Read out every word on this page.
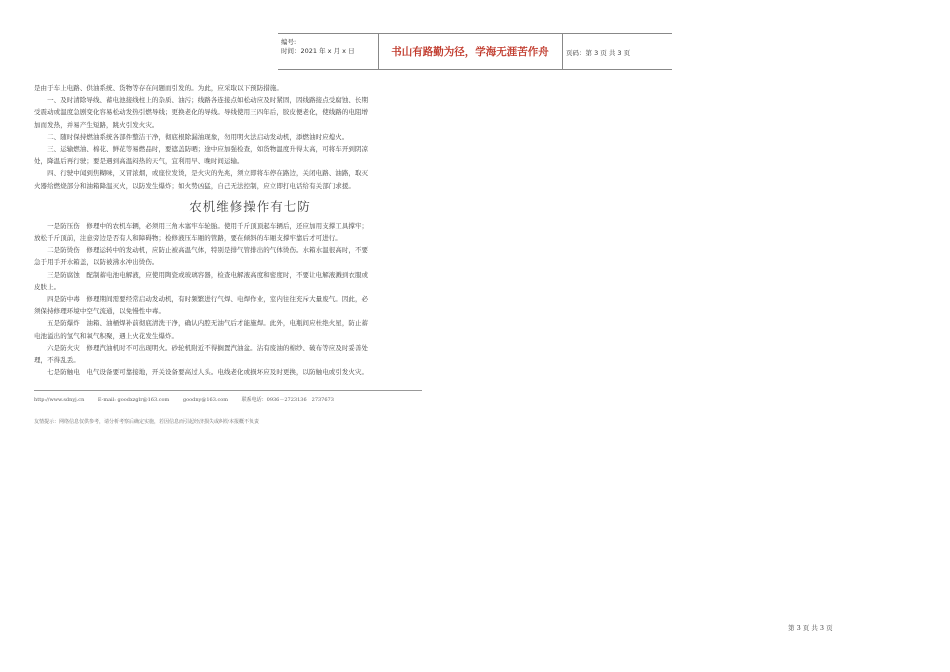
编号:
时间：2021 年 x 月 x 日	书山有路勤为径，学海无涯苦作舟	页码：第 3 页 共 3 页
是由于车上电路、供油系统、货物等存在问题而引发的。为此，应采取以下预防措施。
　　一、及时清除导线、蓄电池接线柱上的杂质、油污；线路各连接点如松动应及时紧固，因线路接点受腐蚀、长期
受震动或温度急剧变化容易松动发热引燃导线；更换老化的导线。导线使用三四年后，胶皮便老化，使线路的电阻增
加而发热，并易产生短路，跳火引发火灾。
　　二、随时保持燃油系统各部件整洁干净，彻底根除漏油现象，勿用明火法启动发动机，添燃油时应熄火。
　　三、运输燃油、棉花、鲜花等易燃品时，要遮盖防晒；途中应加强检查，如货物温度升得太高，可将车开到阴凉
处，降温后再行驶；要是遇到高温闷热的天气，宜利用早、晚时间运输。
　　四、行驶中闻到焦糊味，又冒浓烟，或座位发烫，是火灾的先兆，须立即将车停在路边，关闭电路、油路，取灭
火器给燃烧部分和油箱降温灭火，以防发生爆炸；如火势凶猛，自己无法控制，应立即打电话给有关部门求援。
农机维修操作有七防
　　一是防压伤　修理中的农机车辆，必须用三角木塞牢车轮胎。使用千斤顶顶起车辆后，还应加用支撑工具撑牢；
放松千斤顶前，注意旁边是否有人和障碍物；检修液压车厢的管路，要在倾斜的车厢支撑牢靠后才可进行。
　　二是防烫伤　修理运转中的发动机，应防止被高温气体，特别是排气管排出的气体烫伤。水箱水温很高时，不要
急于用手开水箱盖，以防被沸水冲出烫伤。
　　三是防腐蚀　配制蓄电池电解液，应使用陶瓷或玻璃容器，检查电解液高度和密度时，不要让电解液溅到衣服或
皮肤上。
　　四是防中毒　修理期间需要经常启动发动机，有时频繁进行气焊、电焊作业，室内往往充斥大量废气。因此，必
须保持修理环境中空气流通，以免慢性中毒。
　　五是防爆炸　油箱、油桶焊补前彻底清洗干净，确认内腔无油气后才能施焊。此外，电瓶间应杜绝火星，防止蓄
电池溢出的氢气和氧气积聚，遇上火花发生爆炸。
　　六是防火灾　修理汽油机时不可出现明火。砂轮机附近不得搁置汽油盆。沾有废油的棉纱、破布等应及时妥善处
理，不得乱丢。
　　七是防触电　电气设备要可靠接地，开关设备要高过人头。电线老化或损坏应及时更换，以防触电或引发火灾。
http://www.sdnyj.cn	E-mail: goodxzglr@163.com	goodny@163.com	联系电话：0936－2723136　2737673
友情提示：网络信息仅供参考，请分析考察后确定实施，若因信息而引起经济损失或纠纷本报概不负责
第 3 页 共 3 页
